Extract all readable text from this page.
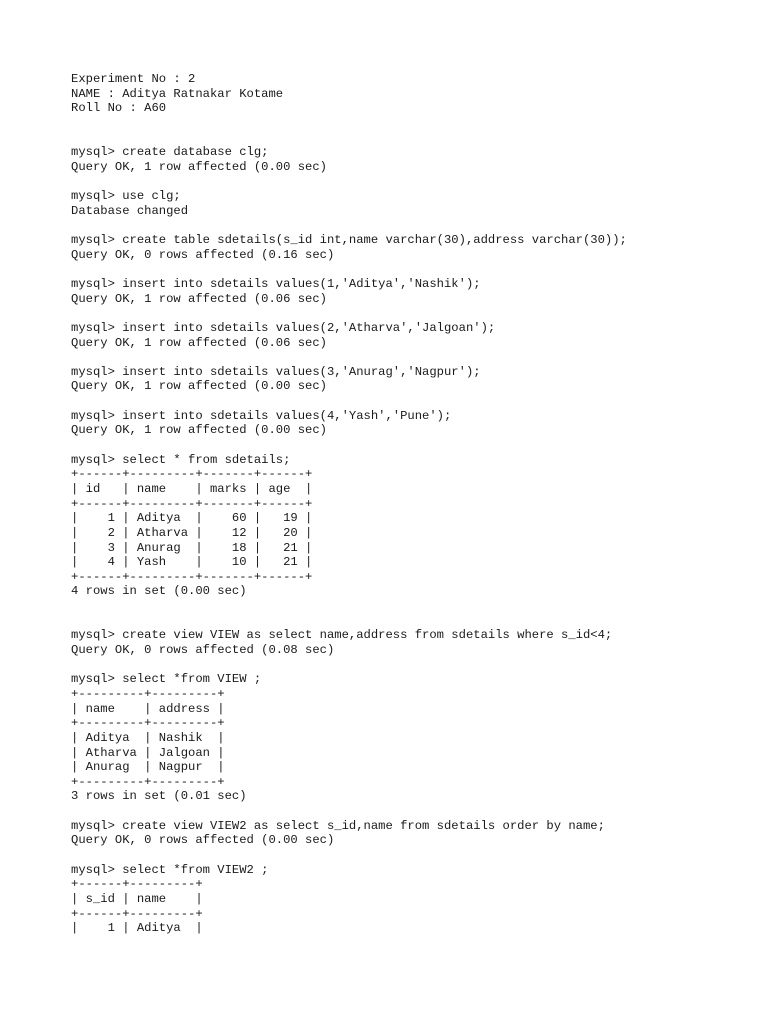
Experiment No : 2
NAME : Aditya Ratnakar Kotame
Roll No : A60
mysql> create database clg;
Query OK, 1 row affected (0.00 sec)
mysql> use clg;
Database changed
mysql> create table sdetails(s_id int,name varchar(30),address varchar(30));
Query OK, 0 rows affected (0.16 sec)
mysql> insert into sdetails values(1,'Aditya','Nashik');
Query OK, 1 row affected (0.06 sec)
mysql> insert into sdetails values(2,'Atharva','Jalgoan');
Query OK, 1 row affected (0.06 sec)
mysql> insert into sdetails values(3,'Anurag','Nagpur');
Query OK, 1 row affected (0.00 sec)
mysql> insert into sdetails values(4,'Yash','Pune');
Query OK, 1 row affected (0.00 sec)
mysql> select * from sdetails;
+------+---------+-------+------+
| id   | name    | marks | age  |
+------+---------+-------+------+
|    1 | Aditya  |    60 |   19 |
|    2 | Atharva |    12 |   20 |
|    3 | Anurag  |    18 |   21 |
|    4 | Yash    |    10 |   21 |
+------+---------+-------+------+
4 rows in set (0.00 sec)
mysql> create view VIEW as select name,address from sdetails where s_id<4;
Query OK, 0 rows affected (0.08 sec)
mysql> select *from VIEW ;
+---------+---------+
| name    | address |
+---------+---------+
| Aditya  | Nashik  |
| Atharva | Jalgoan |
| Anurag  | Nagpur  |
+---------+---------+
3 rows in set (0.01 sec)
mysql> create view VIEW2 as select s_id,name from sdetails order by name;
Query OK, 0 rows affected (0.00 sec)
mysql> select *from VIEW2 ;
+------+---------+
| s_id | name    |
+------+---------+
|    1 | Aditya  |
